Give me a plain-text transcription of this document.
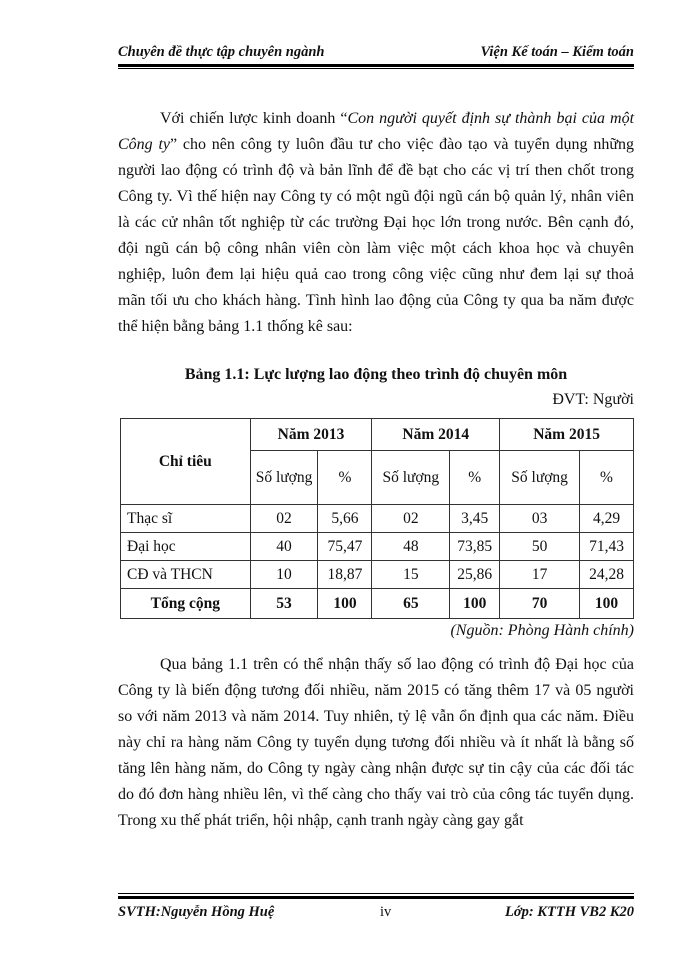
Chuyên đề thực tập chuyên ngành	Viện Kế toán – Kiểm toán

Với chiến lược kinh doanh “Con người quyết định sự thành bại của một Công ty” cho nên công ty luôn đầu tư cho việc đào tạo và tuyển dụng những người lao động có trình độ và bản lĩnh để đề bạt cho các vị trí then chốt trong Công ty. Vì thế hiện nay Công ty có một ngũ đội ngũ cán bộ quản lý, nhân viên là các cử nhân tốt nghiệp từ các trường Đại học lớn trong nước. Bên cạnh đó, đội ngũ cán bộ công nhân viên còn làm việc một cách khoa học và chuyên nghiệp, luôn đem lại hiệu quả cao trong công việc cũng như đem lại sự thoả mãn tối ưu cho khách hàng. Tình hình lao động của Công ty qua ba năm được thể hiện bằng bảng 1.1 thống kê sau:

Bảng 1.1: Lực lượng lao động theo trình độ chuyên môn
ĐVT: Người
Chỉ tiêu	Năm 2013		Năm 2014		Năm 2015	
	Số lượng	%	Số lượng	%	Số lượng	%
Thạc sĩ	02	5,66	02	3,45	03	4,29
Đại học	40	75,47	48	73,85	50	71,43
CĐ và THCN	10	18,87	15	25,86	17	24,28
Tổng cộng	53	100	65	100	70	100
(Nguồn: Phòng Hành chính)

Qua bảng 1.1 trên có thể nhận thấy số lao động có trình độ Đại học của Công ty là biến động tương đối nhiều, năm 2015 có tăng thêm 17 và 05 người so với năm 2013 và năm 2014. Tuy nhiên, tỷ lệ vẫn ổn định qua các năm. Điều này chỉ ra hàng năm Công ty tuyển dụng tương đối nhiều và ít nhất là bằng số tăng lên hàng năm, do Công ty ngày càng nhận được sự tin cậy của các đối tác do đó đơn hàng nhiều lên, vì thế càng cho thấy vai trò của công tác tuyển dụng. Trong xu thế phát triển, hội nhập, cạnh tranh ngày càng gay gắt

SVTH:Nguyễn Hồng Huệ	iv	Lớp: KTTH VB2 K20
